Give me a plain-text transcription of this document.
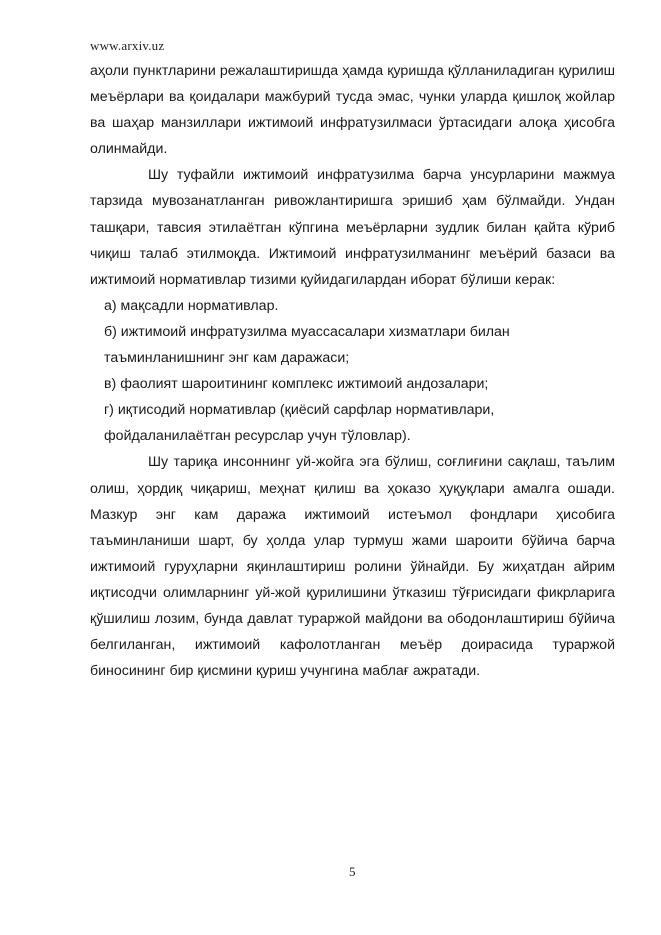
www.arxiv.uz

аҳоли пунктларини режалаштиришда ҳамда қуришда қўлланиладиган қурилиш меъёрлари ва қоидалари мажбурий тусда эмас, чунки уларда қишлоқ жойлар ва шаҳар манзиллари ижтимоий инфратузилмаси ўртасидаги алоқа ҳисобга олинмайди.

Шу туфайли ижтимоий инфратузилма барча унсурларини мажмуа тарзида мувозанатланган ривожлантиришга эришиб ҳам бўлмайди. Ундан ташқари, тавсия этилаётган кўпгина меъёрларни зудлик билан қайта кўриб чиқиш талаб этилмоқда. Ижтимоий инфратузилманинг меъёрий базаси ва ижтимоий нормативлар тизими қуйидагилардан иборат бўлиши керак:

а) мақсадли нормативлар.
б) ижтимоий инфратузилма муассасалари хизматлари билан
таъминланишнинг энг кам даражаси;
в) фаолият шароитининг комплекс ижтимоий андозалари;
г) иқтисодий нормативлар (қиёсий сарфлар нормативлари,
фойдаланилаётган ресурслар учун тўловлар).

Шу тариқа инсоннинг уй-жойга эга бўлиш, соғлиғини сақлаш, таълим олиш, ҳордиқ чиқариш, меҳнат қилиш ва ҳоказо ҳуқуқлари амалга ошади. Мазкур энг кам даража ижтимоий истеъмол фондлари ҳисобига таъминланиши шарт, бу ҳолда улар турмуш жами шароити бўйича барча ижтимоий гуруҳларни яқинлаштириш ролини ўйнайди. Бу жиҳатдан айрим иқтисодчи олимларнинг уй-жой қурилишини ўтказиш тўғрисидаги фикрларига қўшилиш лозим, бунда давлат тураржой майдони ва ободонлаштириш бўйича белгиланган, ижтимоий кафолотланган меъёр доирасида тураржой биносининг бир қисмини қуриш учунгина маблағ ажратади.

5
